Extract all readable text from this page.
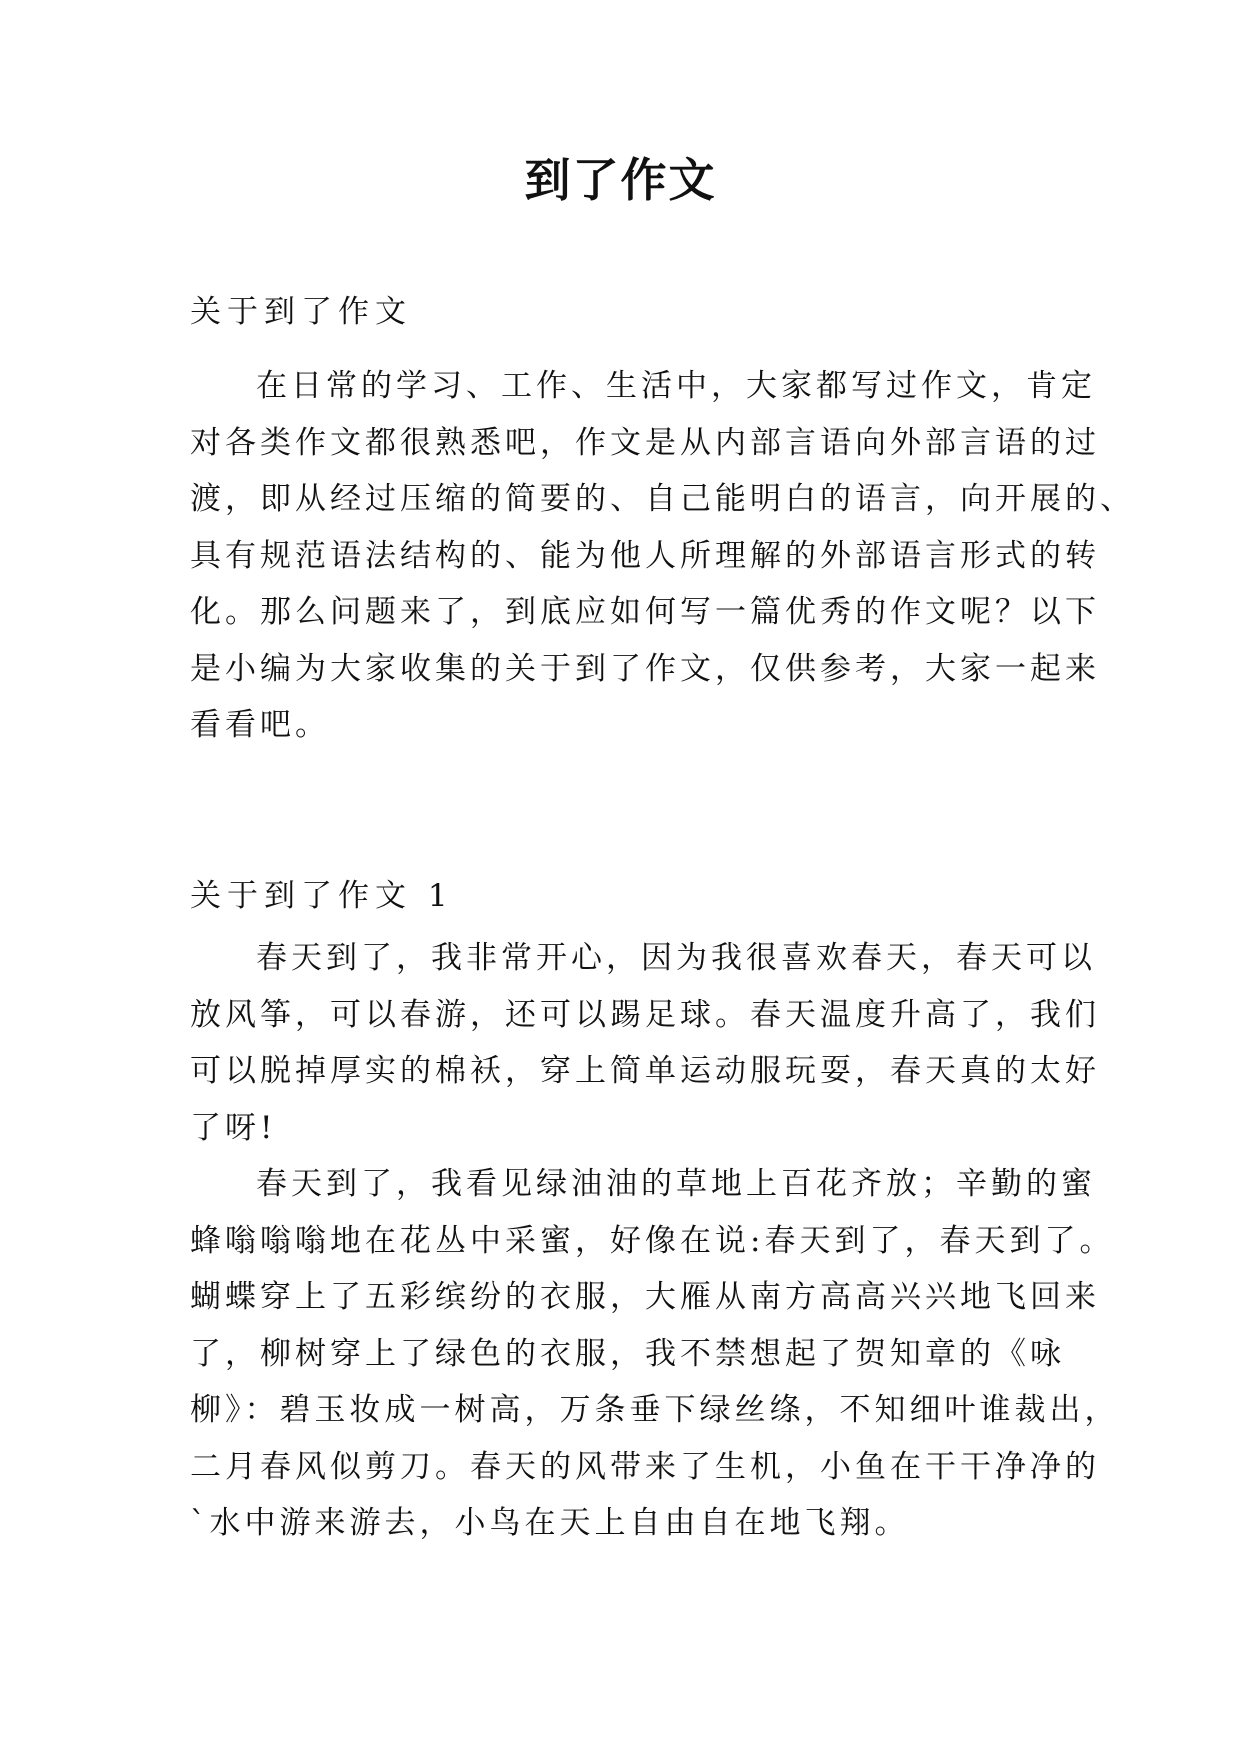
到了作文
关于到了作文
在日常的学习、工作、生活中，大家都写过作文，肯定
对各类作文都很熟悉吧，作文是从内部言语向外部言语的过
渡，即从经过压缩的简要的、自己能明白的语言，向开展的、
具有规范语法结构的、能为他人所理解的外部语言形式的转
化。那么问题来了，到底应如何写一篇优秀的作文呢？以下
是小编为大家收集的关于到了作文，仅供参考，大家一起来
看看吧。
关于到了作文 1
春天到了，我非常开心，因为我很喜欢春天，春天可以
放风筝，可以春游，还可以踢足球。春天温度升高了，我们
可以脱掉厚实的棉袄，穿上简单运动服玩耍，春天真的太好
了呀!
春天到了，我看见绿油油的草地上百花齐放；辛勤的蜜
蜂嗡嗡嗡地在花丛中采蜜，好像在说:春天到了，春天到了。
蝴蝶穿上了五彩缤纷的衣服，大雁从南方高高兴兴地飞回来
了，柳树穿上了绿色的衣服，我不禁想起了贺知章的《咏
柳》：碧玉妆成一树高，万条垂下绿丝绦，不知细叶谁裁出，
二月春风似剪刀。春天的风带来了生机，小鱼在干干净净的
`水中游来游去，小鸟在天上自由自在地飞翔。
